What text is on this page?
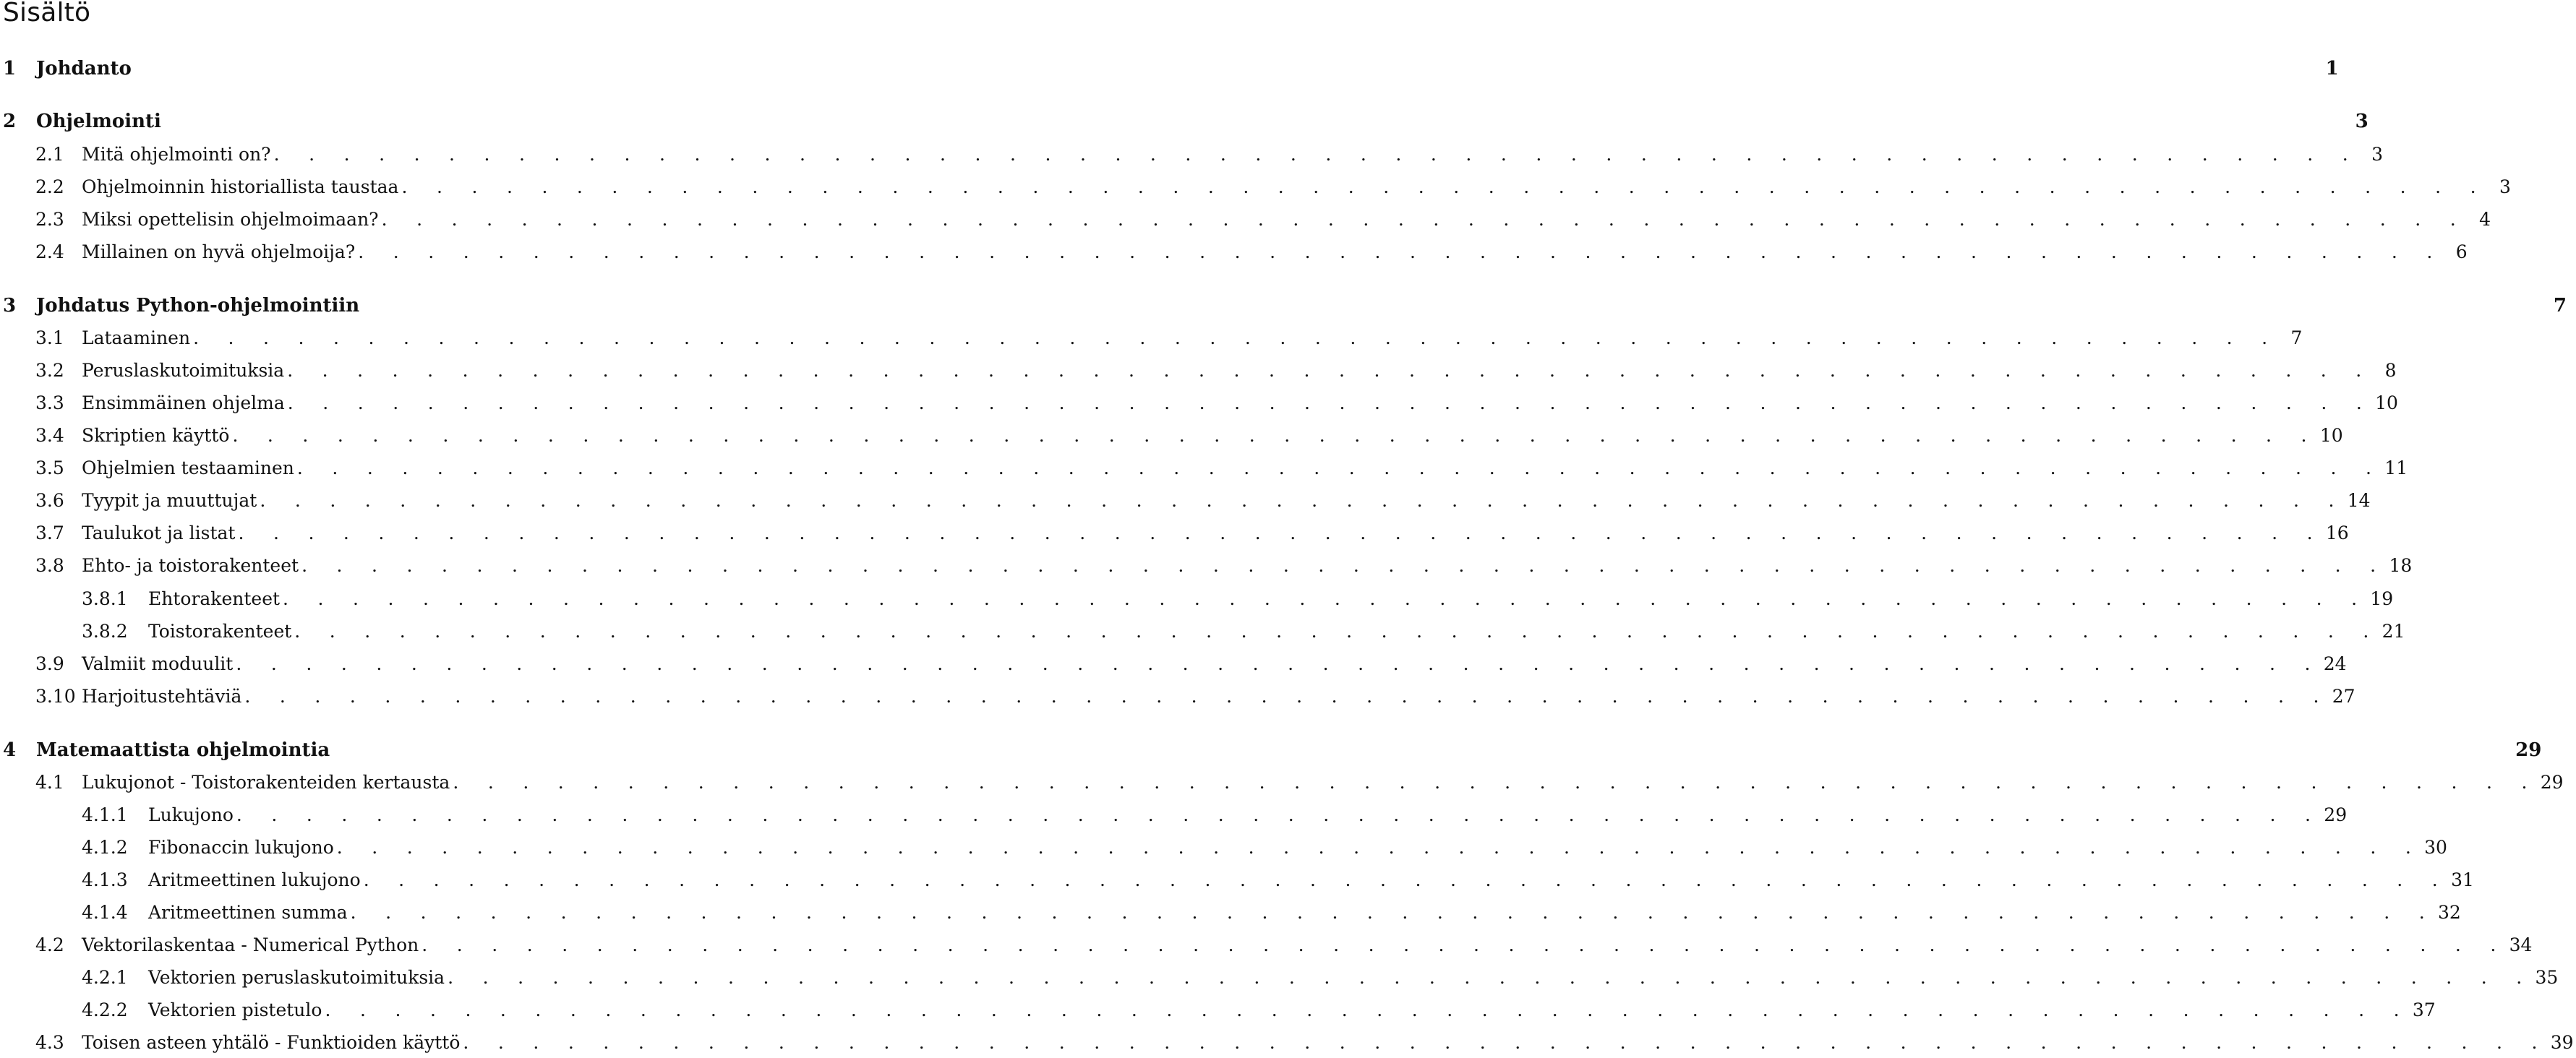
Sisältö
1	Johdanto	1
2	Ohjelmointi	3
2.1 Mitä ohjelmointi on? . . . . . . . . . . . . . . . . . . . . . . . . . . . . . . . . . . . . . . . . . . . . . . . . . . . . . . . . . . . . 3
2.2 Ohjelmoinnin historiallista taustaa . . . . . . . . . . . . . . . . . . . . . . . . . . . . . . . . . . . . . . . . . . . . . . . . . . . . . . . . . . . . 3
2.3 Miksi opettelisin ohjelmoimaan? . . . . . . . . . . . . . . . . . . . . . . . . . . . . . . . . . . . . . . . . . . . . . . . . . . . . . . . . . . . . 4
2.4 Millainen on hyvä ohjelmoija? . . . . . . . . . . . . . . . . . . . . . . . . . . . . . . . . . . . . . . . . . . . . . . . . . . . . . . . . . . . . 6
3	Johdatus Python-ohjelmointiin	7
3.1 Lataaminen . . . . . . . . . . . . . . . . . . . . . . . . . . . . . . . . . . . . . . . . . . . . . . . . . . . . . . . . . . . . 7
3.2 Peruslaskutoimituksia . . . . . . . . . . . . . . . . . . . . . . . . . . . . . . . . . . . . . . . . . . . . . . . . . . . . . . . . . . . . 8
3.3 Ensimmäinen ohjelma . . . . . . . . . . . . . . . . . . . . . . . . . . . . . . . . . . . . . . . . . . . . . . . . . . . . . . . . . . . . 10
3.4 Skriptien käyttö . . . . . . . . . . . . . . . . . . . . . . . . . . . . . . . . . . . . . . . . . . . . . . . . . . . . . . . . . . . . 10
3.5 Ohjelmien testaaminen . . . . . . . . . . . . . . . . . . . . . . . . . . . . . . . . . . . . . . . . . . . . . . . . . . . . . . . . . . . . 11
3.6 Tyypit ja muuttujat . . . . . . . . . . . . . . . . . . . . . . . . . . . . . . . . . . . . . . . . . . . . . . . . . . . . . . . . . . . . 14
3.7 Taulukot ja listat . . . . . . . . . . . . . . . . . . . . . . . . . . . . . . . . . . . . . . . . . . . . . . . . . . . . . . . . . . . . 16
3.8 Ehto- ja toistorakenteet . . . . . . . . . . . . . . . . . . . . . . . . . . . . . . . . . . . . . . . . . . . . . . . . . . . . . . . . . . . . 18
3.8.1	Ehtorakenteet . . . . . . . . . . . . . . . . . . . . . . . . . . . . . . . . . . . . . . . . . . . . . . . . . . . . . . . . . . . . 19
3.8.2	Toistorakenteet . . . . . . . . . . . . . . . . . . . . . . . . . . . . . . . . . . . . . . . . . . . . . . . . . . . . . . . . . . . . 21
3.9 Valmiit moduulit . . . . . . . . . . . . . . . . . . . . . . . . . . . . . . . . . . . . . . . . . . . . . . . . . . . . . . . . . . . . 24
3.10 Harjoitustehtäviä . . . . . . . . . . . . . . . . . . . . . . . . . . . . . . . . . . . . . . . . . . . . . . . . . . . . . . . . . . . . 27
4	Matemaattista ohjelmointia	29
4.1 Lukujonot - Toistorakenteiden kertausta . . . . . . . . . . . . . . . . . . . . . . . . . . . . . . . . . . . . . . . . . . . . . . . . . . . . . . . . . . . . 29
4.1.1	Lukujono . . . . . . . . . . . . . . . . . . . . . . . . . . . . . . . . . . . . . . . . . . . . . . . . . . . . . . . . . . . . 29
4.1.2	Fibonaccin lukujono . . . . . . . . . . . . . . . . . . . . . . . . . . . . . . . . . . . . . . . . . . . . . . . . . . . . . . . . . . . . 30
4.1.3	Aritmeettinen lukujono . . . . . . . . . . . . . . . . . . . . . . . . . . . . . . . . . . . . . . . . . . . . . . . . . . . . . . . . . . . . 31
4.1.4	Aritmeettinen summa . . . . . . . . . . . . . . . . . . . . . . . . . . . . . . . . . . . . . . . . . . . . . . . . . . . . . . . . . . . . 32
4.2 Vektorilaskentaa - Numerical Python . . . . . . . . . . . . . . . . . . . . . . . . . . . . . . . . . . . . . . . . . . . . . . . . . . . . . . . . . . . . 34
4.2.1	Vektorien peruslaskutoimituksia . . . . . . . . . . . . . . . . . . . . . . . . . . . . . . . . . . . . . . . . . . . . . . . . . . . . . . . . . . . . 35
4.2.2	Vektorien pistetulo . . . . . . . . . . . . . . . . . . . . . . . . . . . . . . . . . . . . . . . . . . . . . . . . . . . . . . . . . . . . 37
4.3 Toisen asteen yhtälö - Funktioiden käyttö . . . . . . . . . . . . . . . . . . . . . . . . . . . . . . . . . . . . . . . . . . . . . . . . . . . . . . . . . . . . 39
